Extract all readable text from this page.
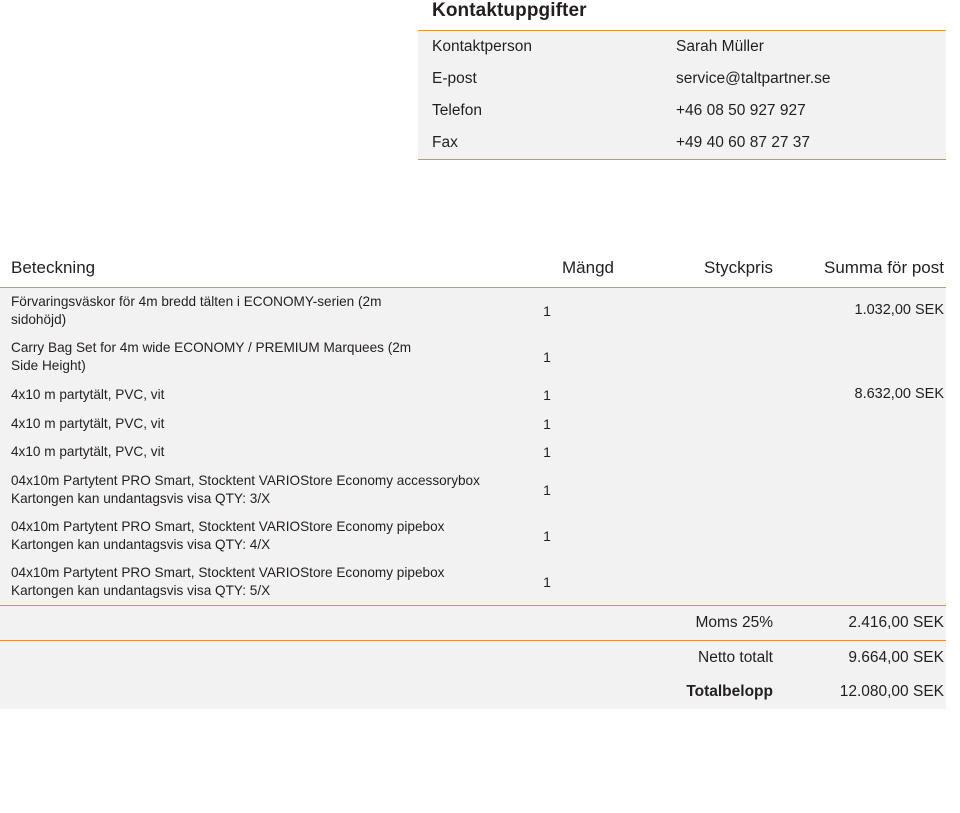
Kontaktuppgifter
Kontaktperson	Sarah Müller
E-post	service@taltpartner.se
Telefon	+46 08 50 927 927
Fax	+49 40 60 87 27 37
Beteckning	Mängd	Styckpris	Summa för post
Förvaringsväskor för 4m bredd tälten i ECONOMY-serien (2m
sidohöjd)	1		1.032,00 SEK
Carry Bag Set for 4m wide ECONOMY / PREMIUM Marquees (2m
Side Height)	1		
4x10 m partytält, PVC, vit	1		8.632,00 SEK
4x10 m partytält, PVC, vit	1		
4x10 m partytält, PVC, vit	1		
04x10m Partytent PRO Smart, Stocktent VARIOStore Economy accessorybox
Kartongen kan undantagsvis visa QTY: 3/X	1		
04x10m Partytent PRO Smart, Stocktent VARIOStore Economy pipebox
Kartongen kan undantagsvis visa QTY: 4/X	1		
04x10m Partytent PRO Smart, Stocktent VARIOStore Economy pipebox
Kartongen kan undantagsvis visa QTY: 5/X	1		
		Moms 25%	2.416,00 SEK
		Netto totalt	9.664,00 SEK
		Totalbelopp	12.080,00 SEK
